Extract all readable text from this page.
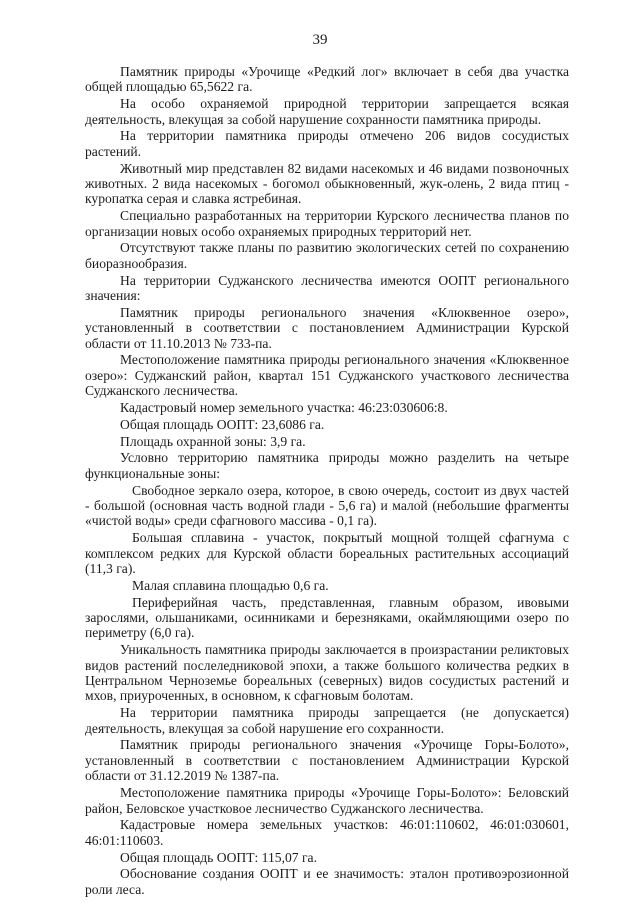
39

Памятник природы «Урочище «Редкий лог» включает в себя два участка общей площадью 65,5622 га.

На особо охраняемой природной территории запрещается всякая деятельность, влекущая за собой нарушение сохранности памятника природы.

На территории памятника природы отмечено 206 видов сосудистых растений.

Животный мир представлен 82 видами насекомых и 46 видами позвоночных животных. 2 вида насекомых - богомол обыкновенный, жук-олень, 2 вида птиц - куропатка серая и славка ястребиная.

Специально разработанных на территории Курского лесничества планов по организации новых особо охраняемых природных территорий нет.

Отсутствуют также планы по развитию экологических сетей по сохранению биоразнообразия.

На территории Суджанского лесничества имеются ООПТ регионального значения:

Памятник природы регионального значения «Клюквенное озеро», установленный в соответствии с постановлением Администрации Курской области от 11.10.2013 № 733-па.

Местоположение памятника природы регионального значения «Клюквенное озеро»: Суджанский район, квартал 151 Суджанского участкового лесничества Суджанского лесничества.

Кадастровый номер земельного участка: 46:23:030606:8.

Общая площадь ООПТ: 23,6086 га.

Площадь охранной зоны: 3,9 га.

Условно территорию памятника природы можно разделить на четыре функциональные зоны:

Свободное зеркало озера, которое, в свою очередь, состоит из двух частей - большой (основная часть водной глади - 5,6 га) и малой (небольшие фрагменты «чистой воды» среди сфагнового массива - 0,1 га).

Большая сплавина - участок, покрытый мощной толщей сфагнума с комплексом редких для Курской области бореальных растительных ассоциаций (11,3 га).

Малая сплавина площадью 0,6 га.

Периферийная часть, представленная, главным образом, ивовыми зарослями, ольшаниками, осинниками и березняками, окаймляющими озеро по периметру (6,0 га).

Уникальность памятника природы заключается в произрастании реликтовых видов растений послеледниковой эпохи, а также большого количества редких в Центральном Черноземье бореальных (северных) видов сосудистых растений и мхов, приуроченных, в основном, к сфагновым болотам.

На территории памятника природы запрещается (не допускается) деятельность, влекущая за собой нарушение его сохранности.

Памятник природы регионального значения «Урочище Горы-Болото», установленный в соответствии с постановлением Администрации Курской области от 31.12.2019 № 1387-па.

Местоположение памятника природы «Урочище Горы-Болото»: Беловский район, Беловское участковое лесничество Суджанского лесничества.

Кадастровые номера земельных участков: 46:01:110602, 46:01:030601, 46:01:110603.

Общая площадь ООПТ: 115,07 га.

Обоснование создания ООПТ и ее значимость: эталон противоэрозионной роли леса.
